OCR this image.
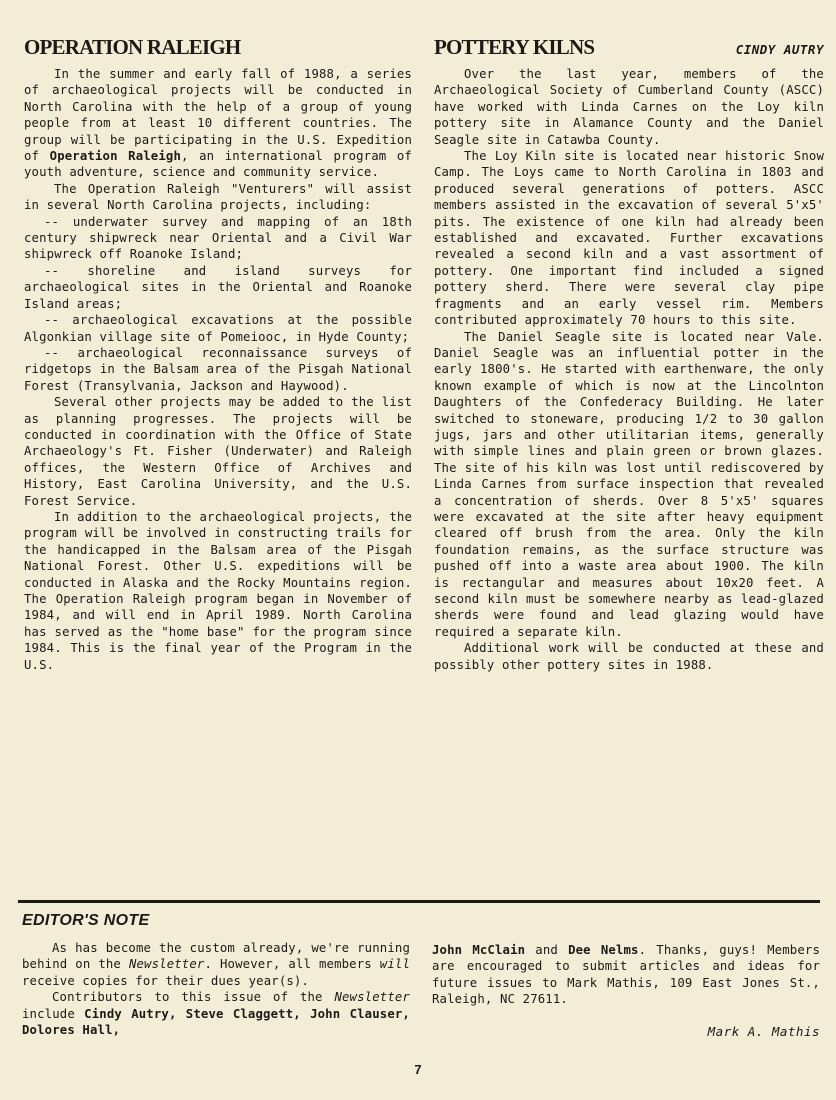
OPERATION RALEIGH

In the summer and early fall of 1988, a series of archaeological projects will be conducted in North Carolina with the help of a group of young people from at least 10 different countries. The group will be participating in the U.S. Expedition of Operation Raleigh, an international program of youth adventure, science and community service.

The Operation Raleigh "Venturers" will assist in several North Carolina projects, including:

-- underwater survey and mapping of an 18th century shipwreck near Oriental and a Civil War shipwreck off Roanoke Island;

-- shoreline and island surveys for archaeological sites in the Oriental and Roanoke Island areas;

-- archaeological excavations at the possible Algonkian village site of Pomeiooc, in Hyde County;

-- archaeological reconnaissance surveys of ridgetops in the Balsam area of the Pisgah National Forest (Transylvania, Jackson and Haywood).

Several other projects may be added to the list as planning progresses. The projects will be conducted in coordination with the Office of State Archaeology's Ft. Fisher (Underwater) and Raleigh offices, the Western Office of Archives and History, East Carolina University, and the U.S. Forest Service.

In addition to the archaeological projects, the program will be involved in constructing trails for the handicapped in the Balsam area of the Pisgah National Forest. Other U.S. expeditions will be conducted in Alaska and the Rocky Mountains region. The Operation Raleigh program began in November of 1984, and will end in April 1989. North Carolina has served as the "home base" for the program since 1984. This is the final year of the Program in the U.S.

POTTERY KILNS	CINDY AUTRY

Over the last year, members of the Archaeological Society of Cumberland County (ASCC) have worked with Linda Carnes on the Loy kiln pottery site in Alamance County and the Daniel Seagle site in Catawba County.

The Loy Kiln site is located near historic Snow Camp. The Loys came to North Carolina in 1803 and produced several generations of potters. ASCC members assisted in the excavation of several 5'x5' pits. The existence of one kiln had already been established and excavated. Further excavations revealed a second kiln and a vast assortment of pottery. One important find included a signed pottery sherd. There were several clay pipe fragments and an early vessel rim. Members contributed approximately 70 hours to this site.

The Daniel Seagle site is located near Vale. Daniel Seagle was an influential potter in the early 1800's. He started with earthenware, the only known example of which is now at the Lincolnton Daughters of the Confederacy Building. He later switched to stoneware, producing 1/2 to 30 gallon jugs, jars and other utilitarian items, generally with simple lines and plain green or brown glazes. The site of his kiln was lost until rediscovered by Linda Carnes from surface inspection that revealed a concentration of sherds. Over 8 5'x5' squares were excavated at the site after heavy equipment cleared off brush from the area. Only the kiln foundation remains, as the surface structure was pushed off into a waste area about 1900. The kiln is rectangular and measures about 10x20 feet. A second kiln must be somewhere nearby as lead-glazed sherds were found and lead glazing would have required a separate kiln.

Additional work will be conducted at these and possibly other pottery sites in 1988.

EDITOR'S NOTE

As has become the custom already, we're running behind on the Newsletter. However, all members will receive copies for their dues year(s).

Contributors to this issue of the Newsletter include Cindy Autry, Steve Claggett, John Clauser, Dolores Hall,

John McClain and Dee Nelms. Thanks, guys! Members are encouraged to submit articles and ideas for future issues to Mark Mathis, 109 East Jones St., Raleigh, NC 27611.

Mark A. Mathis
7
